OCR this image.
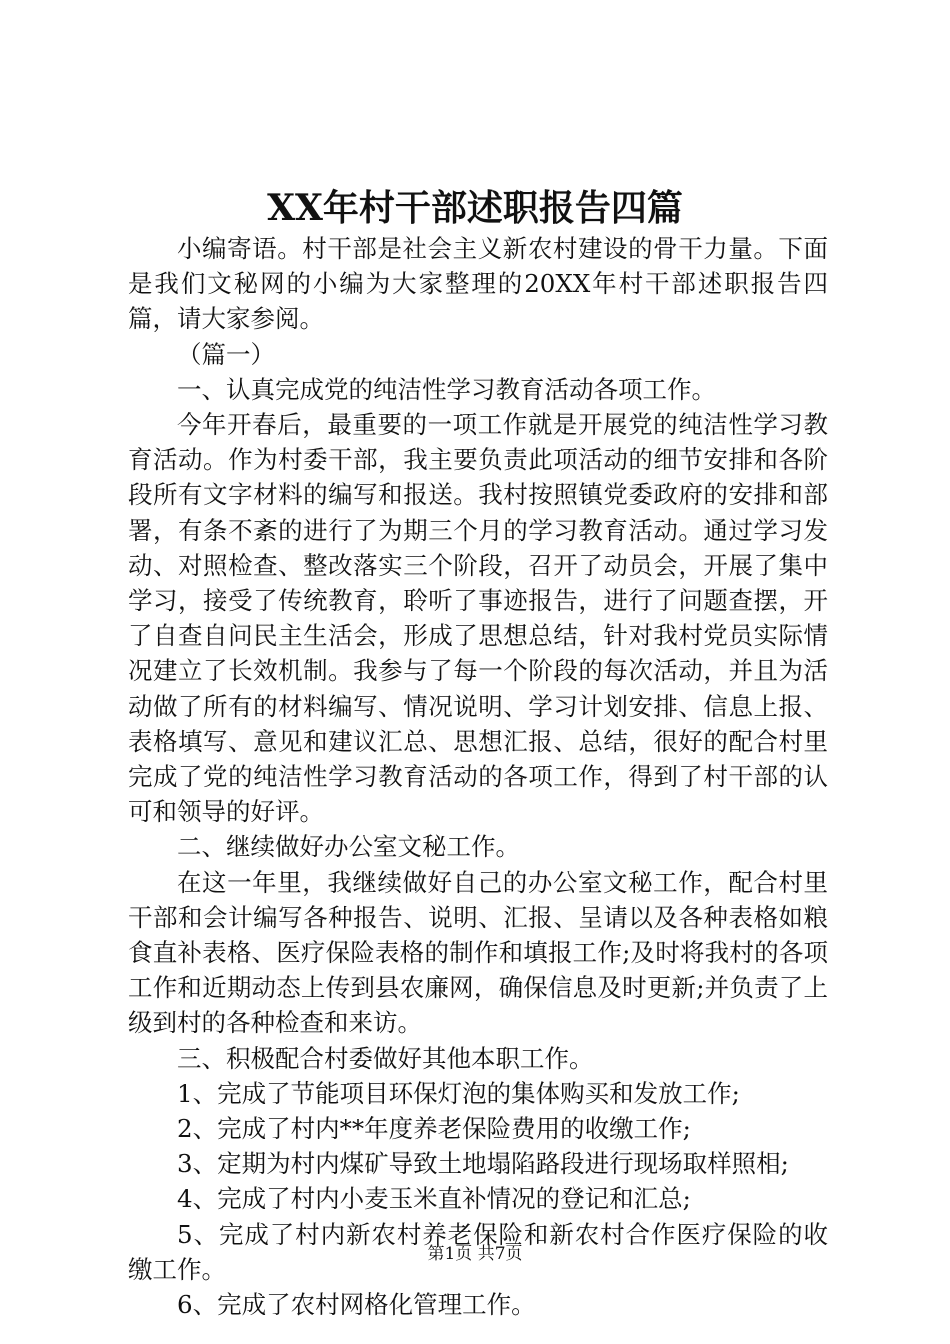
XX年村干部述职报告四篇

小编寄语。村干部是社会主义新农村建设的骨干力量。下面是我们文秘网的小编为大家整理的20XX年村干部述职报告四篇，请大家参阅。

（篇一）

一、认真完成党的纯洁性学习教育活动各项工作。

今年开春后，最重要的一项工作就是开展党的纯洁性学习教育活动。作为村委干部，我主要负责此项活动的细节安排和各阶段所有文字材料的编写和报送。我村按照镇党委政府的安排和部署，有条不紊的进行了为期三个月的学习教育活动。通过学习发动、对照检查、整改落实三个阶段，召开了动员会，开展了集中学习，接受了传统教育，聆听了事迹报告，进行了问题查摆，开了自查自问民主生活会，形成了思想总结，针对我村党员实际情况建立了长效机制。我参与了每一个阶段的每次活动，并且为活动做了所有的材料编写、情况说明、学习计划安排、信息上报、表格填写、意见和建议汇总、思想汇报、总结，很好的配合村里完成了党的纯洁性学习教育活动的各项工作，得到了村干部的认可和领导的好评。

二、继续做好办公室文秘工作。

在这一年里，我继续做好自己的办公室文秘工作，配合村里干部和会计编写各种报告、说明、汇报、呈请以及各种表格如粮食直补表格、医疗保险表格的制作和填报工作;及时将我村的各项工作和近期动态上传到县农廉网，确保信息及时更新;并负责了上级到村的各种检查和来访。

三、积极配合村委做好其他本职工作。

1、完成了节能项目环保灯泡的集体购买和发放工作;

2、完成了村内**年度养老保险费用的收缴工作;

3、定期为村内煤矿导致土地塌陷路段进行现场取样照相;

4、完成了村内小麦玉米直补情况的登记和汇总;

5、完成了村内新农村养老保险和新农村合作医疗保险的收缴工作。

6、完成了农村网格化管理工作。

第1页 共7页
